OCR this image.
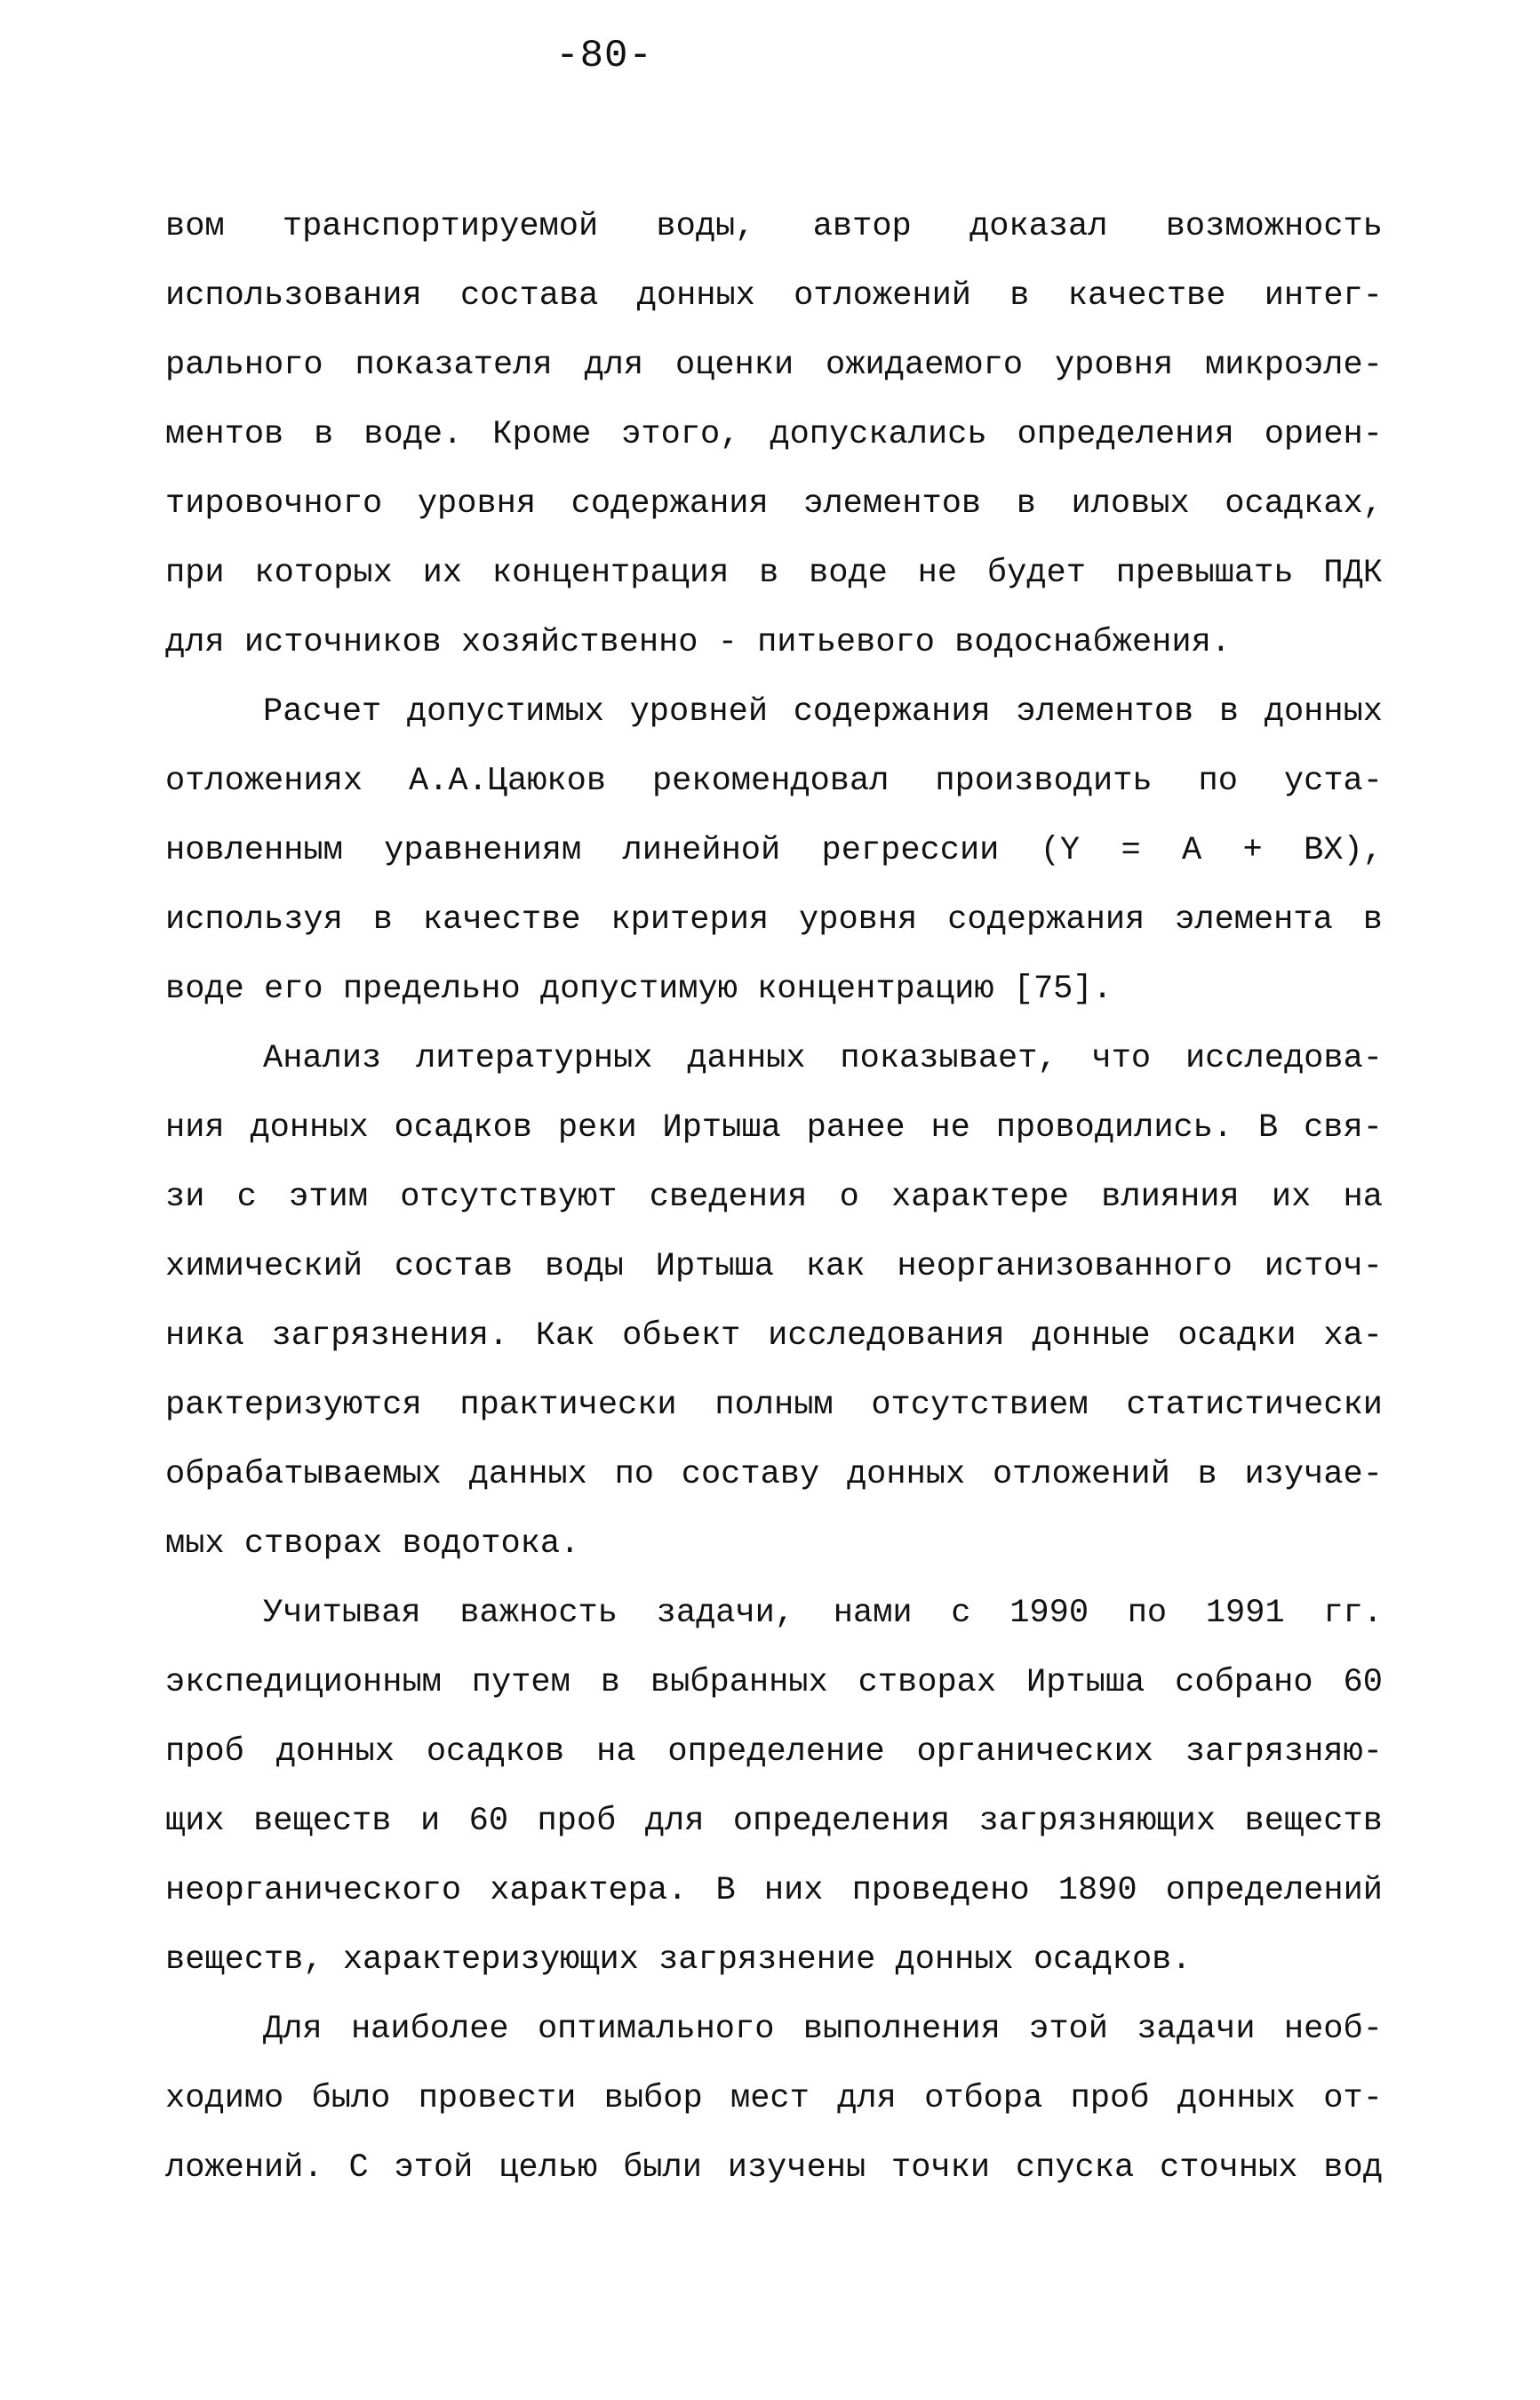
-80-
вом транспортируемой воды, автор доказал возможность
использования состава донных отложений в качестве интег-
рального показателя для оценки ожидаемого уровня микроэле-
ментов в воде. Кроме этого, допускались определения ориен-
тировочного уровня содержания элементов в иловых осадках,
при которых их концентрация в воде не будет превышать ПДК
для источников хозяйственно - питьевого водоснабжения.
Расчет допустимых уровней содержания элементов в донных
отложениях А.А.Цаюков рекомендовал производить по уста-
новленным уравнениям линейной регрессии (Y = A + BX),
используя в качестве критерия уровня содержания элемента в
воде его предельно допустимую концентрацию [75].
Анализ литературных данных показывает, что исследова-
ния донных осадков реки Иртыша ранее не проводились. В свя-
зи с этим отсутствуют сведения о характере влияния их на
химический состав воды Иртыша как неорганизованного источ-
ника загрязнения. Как обьект исследования донные осадки ха-
рактеризуются практически полным отсутствием статистически
обрабатываемых данных по составу донных отложений в изучае-
мых створах водотока.
Учитывая важность задачи, нами с 1990 по 1991 гг.
экспедиционным путем в выбранных створах Иртыша собрано 60
проб донных осадков на определение органических загрязняю-
щих веществ и 60 проб для определения загрязняющих веществ
неорганического характера. В них проведено 1890 определений
веществ, характеризующих загрязнение донных осадков.
Для наиболее оптимального выполнения этой задачи необ-
ходимо было провести выбор мест для отбора проб донных от-
ложений. С этой целью были изучены точки спуска сточных вод
